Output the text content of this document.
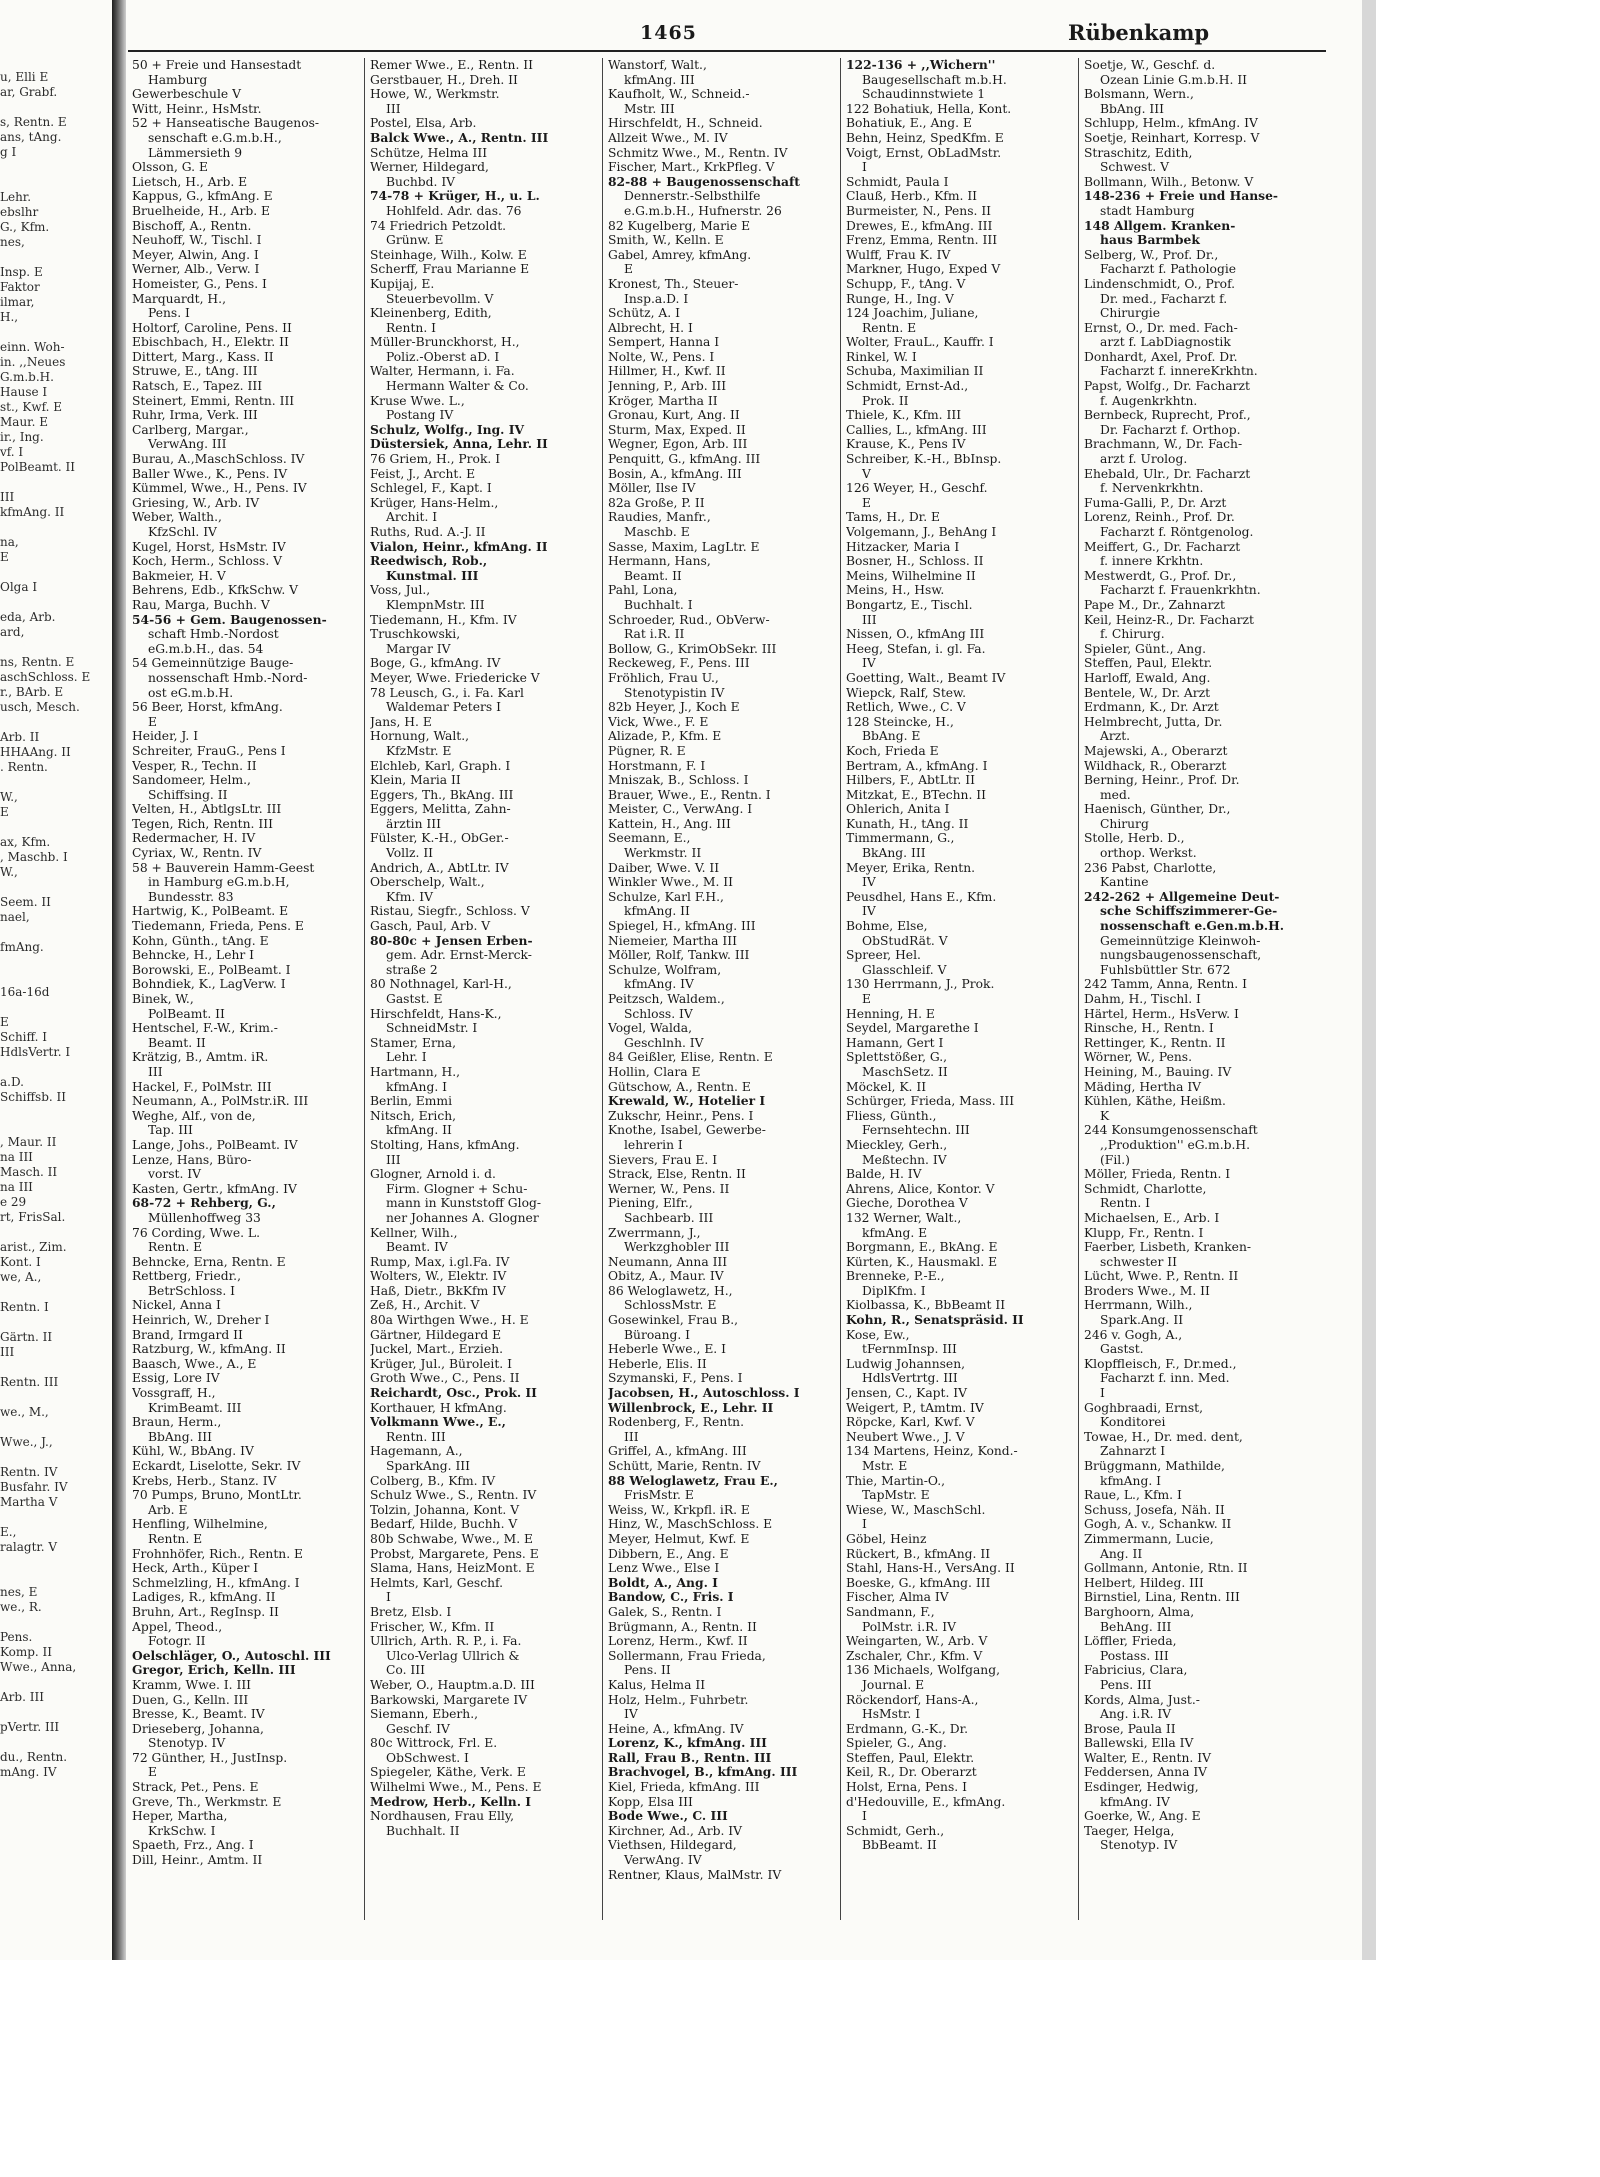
u, Elli E
ar, Grabf.

s, Rentn. E
ans, tAng.
g I

Lehr.
ebslhr
G., Kfm.
nes,

Insp. E
Faktor
ilmar,
H.,

einn. Woh-
in. ,,Neues
G.m.b.H.
Hause I
st., Kwf. E
Maur. E
ir., Ing.
vf. I
PolBeamt. II

III
kfmAng. II

na,
E

Olga I

eda, Arb.
ard,

ns, Rentn. E
aschSchloss. E
r., BArb. E
usch, Mesch.

Arb. II
HHAAng. II
. Rentn.

W.,
E

ax, Kfm.
, Maschb. I
W.,

Seem. II
nael,

fmAng.

16a-16d

E
Schiff. I
HdlsVertr. I

a.D.
Schiffsb. II

, Maur. II
na III
Masch. II
na III
e 29
rt, FrisSal.

arist., Zim.
Kont. I
we, A.,

Rentn. I

Gärtn. II
III

Rentn. III

we., M.,

Wwe., J.,

Rentn. IV
Busfahr. IV
Martha V

E.,
ralagtr. V

nes, E
we., R.

Pens.
Komp. II
Wwe., Anna,

Arb. III

pVertr. III

du., Rentn.
mAng. IV
1465	Rübenkamp
50 + Freie und Hansestadt
Hamburg
Gewerbeschule V
Witt, Heinr., HsMstr.
52 + Hanseatische Baugenos-
senschaft e.G.m.b.H.,
Lämmersieth 9
Olsson, G. E
Lietsch, H., Arb. E
Kappus, G., kfmAng. E
Bruelheide, H., Arb. E
Bischoff, A., Rentn.
Neuhoff, W., Tischl. I
Meyer, Alwin, Ang. I
Werner, Alb., Verw. I
Homeister, G., Pens. I
Marquardt, H.,
Pens. I
Holtorf, Caroline, Pens. II
Ebischbach, H., Elektr. II
Dittert, Marg., Kass. II
Struwe, E., tAng. III
Ratsch, E., Tapez. III
Steinert, Emmi, Rentn. III
Ruhr, Irma, Verk. III
Carlberg, Margar.,
VerwAng. III
Burau, A.,MaschSchloss. IV
Baller Wwe., K., Pens. IV
Kümmel, Wwe., H., Pens. IV
Griesing, W., Arb. IV
Weber, Walth.,
KfzSchl. IV
Kugel, Horst, HsMstr. IV
Koch, Herm., Schloss. V
Bakmeier, H. V
Behrens, Edb., KfkSchw. V
Rau, Marga, Buchh. V
54-56 + Gem. Baugenossen-
schaft Hmb.-Nordost
eG.m.b.H., das. 54
54 Gemeinnützige Bauge-
nossenschaft Hmb.-Nord-
ost eG.m.b.H.
56 Beer, Horst, kfmAng.
E
Heider, J. I
Schreiter, FrauG., Pens I
Vesper, R., Techn. II
Sandomeer, Helm.,
Schiffsing. II
Velten, H., AbtlgsLtr. III
Tegen, Rich, Rentn. III
Redermacher, H. IV
Cyriax, W., Rentn. IV
58 + Bauverein Hamm-Geest
in Hamburg eG.m.b.H,
Bundesstr. 83
Hartwig, K., PolBeamt. E
Tiedemann, Frieda, Pens. E
Kohn, Günth., tAng. E
Behncke, H., Lehr I
Borowski, E., PolBeamt. I
Bohndiek, K., LagVerw. I
Binek, W.,
PolBeamt. II
Hentschel, F.-W., Krim.-
Beamt. II
Krätzig, B., Amtm. iR.
III
Hackel, F., PolMstr. III
Neumann, A., PolMstr.iR. III
Weghe, Alf., von de,
Tap. III
Lange, Johs., PolBeamt. IV
Lenze, Hans, Büro-
vorst. IV
Kasten, Gertr., kfmAng. IV
68-72 + Rehberg, G.,
Müllenhoffweg 33
76 Cording, Wwe. L.
Rentn. E
Behncke, Erna, Rentn. E
Rettberg, Friedr.,
BetrSchloss. I
Nickel, Anna I
Heinrich, W., Dreher I
Brand, Irmgard II
Ratzburg, W., kfmAng. II
Baasch, Wwe., A., E
Essig, Lore IV
Vossgraff, H.,
KrimBeamt. III
Braun, Herm.,
BbAng. III
Kühl, W., BbAng. IV
Eckardt, Liselotte, Sekr. IV
Krebs, Herb., Stanz. IV
70 Pumps, Bruno, MontLtr.
Arb. E
Henfling, Wilhelmine,
Rentn. E
Frohnhöfer, Rich., Rentn. E
Heck, Arth., Küper I
Schmelzling, H., kfmAng. I
Ladiges, R., kfmAng. II
Bruhn, Art., RegInsp. II
Appel, Theod.,
Fotogr. II
Oelschläger, O., Autoschl. III
Gregor, Erich, Kelln. III
Kramm, Wwe. I. III
Duen, G., Kelln. III
Bresse, K., Beamt. IV
Drieseberg, Johanna,
Stenotyp. IV
72 Günther, H., JustInsp.
E
Strack, Pet., Pens. E
Greve, Th., Werkmstr. E
Heper, Martha,
KrkSchw. I
Spaeth, Frz., Ang. I
Dill, Heinr., Amtm. II
Remer Wwe., E., Rentn. II
Gerstbauer, H., Dreh. II
Howe, W., Werkmstr.
III
Postel, Elsa, Arb.
Balck Wwe., A., Rentn. III
Schütze, Helma III
Werner, Hildegard,
Buchbd. IV
74-78 + Krüger, H., u. L.
Hohlfeld. Adr. das. 76
74 Friedrich Petzoldt.
Grünw. E
Steinhage, Wilh., Kolw. E
Scherff, Frau Marianne E
Kupijaj, E.
Steuerbevollm. V
Kleinenberg, Edith,
Rentn. I
Müller-Brunckhorst, H.,
Poliz.-Oberst aD. I
Walter, Hermann, i. Fa.
Hermann Walter & Co.
Kruse Wwe. L.,
Postang IV
Schulz, Wolfg., Ing. IV
Düstersiek, Anna, Lehr. II
76 Griem, H., Prok. I
Feist, J., Archt. E
Schlegel, F., Kapt. I
Krüger, Hans-Helm.,
Archit. I
Ruths, Rud. A.-J. II
Vialon, Heinr., kfmAng. II
Reedwisch, Rob.,
Kunstmal. III
Voss, Jul.,
KlempnMstr. III
Tiedemann, H., Kfm. IV
Truschkowski,
Margar IV
Boge, G., kfmAng. IV
Meyer, Wwe. Friedericke V
78 Leusch, G., i. Fa. Karl
Waldemar Peters I
Jans, H. E
Hornung, Walt.,
KfzMstr. E
Elchleb, Karl, Graph. I
Klein, Maria II
Eggers, Th., BkAng. III
Eggers, Melitta, Zahn-
ärztin III
Fülster, K.-H., ObGer.-
Vollz. II
Andrich, A., AbtLtr. IV
Oberschelp, Walt.,
Kfm. IV
Ristau, Siegfr., Schloss. V
Gasch, Paul, Arb. V
80-80c + Jensen Erben-
gem. Adr. Ernst-Merck-
straße 2
80 Nothnagel, Karl-H.,
Gastst. E
Hirschfeldt, Hans-K.,
SchneidMstr. I
Stamer, Erna,
Lehr. I
Hartmann, H.,
kfmAng. I
Berlin, Emmi
Nitsch, Erich,
kfmAng. II
Stolting, Hans, kfmAng.
III
Glogner, Arnold i. d.
Firm. Glogner + Schu-
mann in Kunststoff Glog-
ner Johannes A. Glogner
Kellner, Wilh.,
Beamt. IV
Rump, Max, i.gl.Fa. IV
Wolters, W., Elektr. IV
Haß, Dietr., BkKfm IV
Zeß, H., Archit. V
80a Wirthgen Wwe., H. E
Gärtner, Hildegard E
Juckel, Mart., Erzieh.
Krüger, Jul., Büroleit. I
Groth Wwe., C., Pens. II
Reichardt, Osc., Prok. II
Korthauer, H kfmAng.
Volkmann Wwe., E.,
Rentn. III
Hagemann, A.,
SparkAng. III
Colberg, B., Kfm. IV
Schulz Wwe., S., Rentn. IV
Tolzin, Johanna, Kont. V
Bedarf, Hilde, Buchh. V
80b Schwabe, Wwe., M. E
Probst, Margarete, Pens. E
Slama, Hans, HeizMont. E
Helmts, Karl, Geschf.
I
Bretz, Elsb. I
Frischer, W., Kfm. II
Ullrich, Arth. R. P., i. Fa.
Ulco-Verlag Ullrich &
Co. III
Weber, O., Hauptm.a.D. III
Barkowski, Margarete IV
Siemann, Eberh.,
Geschf. IV
80c Wittrock, Frl. E.
ObSchwest. I
Spiegeler, Käthe, Verk. E
Wilhelmi Wwe., M., Pens. E
Medrow, Herb., Kelln. I
Nordhausen, Frau Elly,
Buchhalt. II
Wanstorf, Walt.,
kfmAng. III
Kaufholt, W., Schneid.-
Mstr. III
Hirschfeldt, H., Schneid.
Allzeit Wwe., M. IV
Schmitz Wwe., M., Rentn. IV
Fischer, Mart., KrkPfleg. V
82-88 + Baugenossenschaft
Dennerstr.-Selbsthilfe
e.G.m.b.H., Hufnerstr. 26
82 Kugelberg, Marie E
Smith, W., Kelln. E
Gabel, Amrey, kfmAng.
E
Kronest, Th., Steuer-
Insp.a.D. I
Schütz, A. I
Albrecht, H. I
Sempert, Hanna I
Nolte, W., Pens. I
Hillmer, H., Kwf. II
Jenning, P., Arb. III
Kröger, Martha II
Gronau, Kurt, Ang. II
Sturm, Max, Exped. II
Wegner, Egon, Arb. III
Penquitt, G., kfmAng. III
Bosin, A., kfmAng. III
Möller, Ilse IV
82a Große, P. II
Raudies, Manfr.,
Maschb. E
Sasse, Maxim, LagLtr. E
Hermann, Hans,
Beamt. II
Pahl, Lona,
Buchhalt. I
Schroeder, Rud., ObVerw-
Rat i.R. II
Bollow, G., KrimObSekr. III
Reckeweg, F., Pens. III
Fröhlich, Frau U.,
Stenotypistin IV
82b Heyer, J., Koch E
Vick, Wwe., F. E
Alizade, P., Kfm. E
Pügner, R. E
Horstmann, F. I
Mniszak, B., Schloss. I
Brauer, Wwe., E., Rentn. I
Meister, C., VerwAng. I
Kattein, H., Ang. III
Seemann, E.,
Werkmstr. II
Daiber, Wwe. V. II
Winkler Wwe., M. II
Schulze, Karl F.H.,
kfmAng. II
Spiegel, H., kfmAng. III
Niemeier, Martha III
Möller, Rolf, Tankw. III
Schulze, Wolfram,
kfmAng. IV
Peitzsch, Waldem.,
Schloss. IV
Vogel, Walda,
Geschlnh. IV
84 Geißler, Elise, Rentn. E
Hollin, Clara E
Gütschow, A., Rentn. E
Krewald, W., Hotelier I
Zukschr, Heinr., Pens. I
Knothe, Isabel, Gewerbe-
lehrerin I
Sievers, Frau E. I
Strack, Else, Rentn. II
Werner, W., Pens. II
Piening, Elfr.,
Sachbearb. III
Zwerrmann, J.,
Werkzghobler III
Neumann, Anna III
Obitz, A., Maur. IV
86 Weloglawetz, H.,
SchlossMstr. E
Gosewinkel, Frau B.,
Büroang. I
Heberle Wwe., E. I
Heberle, Elis. II
Szymanski, F., Pens. I
Jacobsen, H., Autoschloss. I
Willenbrock, E., Lehr. II
Rodenberg, F., Rentn.
III
Griffel, A., kfmAng. III
Schütt, Marie, Rentn. IV
88 Weloglawetz, Frau E.,
FrisMstr. E
Weiss, W., Krkpfl. iR. E
Hinz, W., MaschSchloss. E
Meyer, Helmut, Kwf. E
Dibbern, E., Ang. E
Lenz Wwe., Else I
Boldt, A., Ang. I
Bandow, C., Fris. I
Galek, S., Rentn. I
Brügmann, A., Rentn. II
Lorenz, Herm., Kwf. II
Sollermann, Frau Frieda,
Pens. II
Kalus, Helma II
Holz, Helm., Fuhrbetr.
IV
Heine, A., kfmAng. IV
Lorenz, K., kfmAng. III
Rall, Frau B., Rentn. III
Brachvogel, B., kfmAng. III
Kiel, Frieda, kfmAng. III
Kopp, Elsa III
Bode Wwe., C. III
Kirchner, Ad., Arb. IV
Viethsen, Hildegard,
VerwAng. IV
Rentner, Klaus, MalMstr. IV
122-136 + ,,Wichern''
Baugesellschaft m.b.H.
Schaudinnstwiete 1
122 Bohatiuk, Hella, Kont.
Bohatiuk, E., Ang. E
Behn, Heinz, SpedKfm. E
Voigt, Ernst, ObLadMstr.
I
Schmidt, Paula I
Clauß, Herb., Kfm. II
Burmeister, N., Pens. II
Drewes, E., kfmAng. III
Frenz, Emma, Rentn. III
Wulff, Frau K. IV
Markner, Hugo, Exped V
Schupp, F., tAng. V
Runge, H., Ing. V
124 Joachim, Juliane,
Rentn. E
Wolter, FrauL., Kauffr. I
Rinkel, W. I
Schuba, Maximilian II
Schmidt, Ernst-Ad.,
Prok. II
Thiele, K., Kfm. III
Callies, L., kfmAng. III
Krause, K., Pens IV
Schreiber, K.-H., BbInsp.
V
126 Weyer, H., Geschf.
E
Tams, H., Dr. E
Volgemann, J., BehAng I
Hitzacker, Maria I
Bosner, H., Schloss. II
Meins, Wilhelmine II
Meins, H., Hsw.
Bongartz, E., Tischl.
III
Nissen, O., kfmAng III
Heeg, Stefan, i. gl. Fa.
IV
Goetting, Walt., Beamt IV
Wiepck, Ralf, Stew.
Retlich, Wwe., C. V
128 Steincke, H.,
BbAng. E
Koch, Frieda E
Bertram, A., kfmAng. I
Hilbers, F., AbtLtr. II
Mitzkat, E., BTechn. II
Ohlerich, Anita I
Kunath, H., tAng. II
Timmermann, G.,
BkAng. III
Meyer, Erika, Rentn.
IV
Peusdhel, Hans E., Kfm.
IV
Bohme, Else,
ObStudRät. V
Spreer, Hel.
Glasschleif. V
130 Herrmann, J., Prok.
E
Henning, H. E
Seydel, Margarethe I
Hamann, Gert I
Splettstößer, G.,
MaschSetz. II
Möckel, K. II
Schürger, Frieda, Mass. III
Fliess, Günth.,
Fernsehtechn. III
Mieckley, Gerh.,
Meßtechn. IV
Balde, H. IV
Ahrens, Alice, Kontor. V
Gieche, Dorothea V
132 Werner, Walt.,
kfmAng. E
Borgmann, E., BkAng. E
Kürten, K., Hausmakl. E
Brenneke, P.-E.,
DiplKfm. I
Kiolbassa, K., BbBeamt II
Kohn, R., Senatspräsid. II
Kose, Ew.,
tFernmInsp. III
Ludwig Johannsen,
HdlsVertrtg. III
Jensen, C., Kapt. IV
Weigert, P., tAmtm. IV
Röpcke, Karl, Kwf. V
Neubert Wwe., J. V
134 Martens, Heinz, Kond.-
Mstr. E
Thie, Martin-O.,
TapMstr. E
Wiese, W., MaschSchl.
I
Göbel, Heinz
Rückert, B., kfmAng. II
Stahl, Hans-H., VersAng. II
Boeske, G., kfmAng. III
Fischer, Alma IV
Sandmann, F.,
PolMstr. i.R. IV
Weingarten, W., Arb. V
Zschaler, Chr., Kfm. V
136 Michaels, Wolfgang,
Journal. E
Röckendorf, Hans-A.,
HsMstr. I
Erdmann, G.-K., Dr.
Spieler, G., Ang.
Steffen, Paul, Elektr.
Keil, R., Dr. Oberarzt
Holst, Erna, Pens. I
d'Hedouville, E., kfmAng.
I
Schmidt, Gerh.,
BbBeamt. II
Soetje, W., Geschf. d.
Ozean Linie G.m.b.H. II
Bolsmann, Wern.,
BbAng. III
Schlupp, Helm., kfmAng. IV
Soetje, Reinhart, Korresp. V
Straschitz, Edith,
Schwest. V
Bollmann, Wilh., Betonw. V
148-236 + Freie und Hanse-
stadt Hamburg
148 Allgem. Kranken-
haus Barmbek
Selberg, W., Prof. Dr.,
Facharzt f. Pathologie
Lindenschmidt, O., Prof.
Dr. med., Facharzt f.
Chirurgie
Ernst, O., Dr. med. Fach-
arzt f. LabDiagnostik
Donhardt, Axel, Prof. Dr.
Facharzt f. innereKrkhtn.
Papst, Wolfg., Dr. Facharzt
f. Augenkrkhtn.
Bernbeck, Ruprecht, Prof.,
Dr. Facharzt f. Orthop.
Brachmann, W., Dr. Fach-
arzt f. Urolog.
Ehebald, Ulr., Dr. Facharzt
f. Nervenkrkhtn.
Fuma-Galli, P., Dr. Arzt
Lorenz, Reinh., Prof. Dr.
Facharzt f. Röntgenolog.
Meiffert, G., Dr. Facharzt
f. innere Krkhtn.
Mestwerdt, G., Prof. Dr.,
Facharzt f. Frauenkrkhtn.
Pape M., Dr., Zahnarzt
Keil, Heinz-R., Dr. Facharzt
f. Chirurg.
Spieler, Günt., Ang.
Steffen, Paul, Elektr.
Harloff, Ewald, Ang.
Bentele, W., Dr. Arzt
Erdmann, K., Dr. Arzt
Helmbrecht, Jutta, Dr.
Arzt.
Majewski, A., Oberarzt
Wildhack, R., Oberarzt
Berning, Heinr., Prof. Dr.
med.
Haenisch, Günther, Dr.,
Chirurg
Stolle, Herb. D.,
orthop. Werkst.
236 Pabst, Charlotte,
Kantine
242-262 + Allgemeine Deut-
sche Schiffszimmerer-Ge-
nossenschaft e.Gen.m.b.H.
Gemeinnützige Kleinwoh-
nungsbaugenossenschaft,
Fuhlsbüttler Str. 672
242 Tamm, Anna, Rentn. I
Dahm, H., Tischl. I
Härtel, Herm., HsVerw. I
Rinsche, H., Rentn. I
Rettinger, K., Rentn. II
Wörner, W., Pens.
Heining, M., Bauing. IV
Mäding, Hertha IV
Kühlen, Käthe, Heißm.
K
244 Konsumgenossenschaft
,,Produktion'' eG.m.b.H.
(Fil.)
Möller, Frieda, Rentn. I
Schmidt, Charlotte,
Rentn. I
Michaelsen, E., Arb. I
Klupp, Fr., Rentn. I
Faerber, Lisbeth, Kranken-
schwester II
Lücht, Wwe. P., Rentn. II
Broders Wwe., M. II
Herrmann, Wilh.,
Spark.Ang. II
246 v. Gogh, A.,
Gastst.
Klopffleisch, F., Dr.med.,
Facharzt f. inn. Med.
I
Goghbraadi, Ernst,
Konditorei
Towae, H., Dr. med. dent,
Zahnarzt I
Brüggmann, Mathilde,
kfmAng. I
Raue, L., Kfm. I
Schuss, Josefa, Näh. II
Gogh, A. v., Schankw. II
Zimmermann, Lucie,
Ang. II
Gollmann, Antonie, Rtn. II
Helbert, Hildeg. III
Birnstiel, Lina, Rentn. III
Barghoorn, Alma,
BehAng. III
Löffler, Frieda,
Postass. III
Fabricius, Clara,
Pens. III
Kords, Alma, Just.-
Ang. i.R. IV
Brose, Paula II
Ballewski, Ella IV
Walter, E., Rentn. IV
Feddersen, Anna IV
Esdinger, Hedwig,
kfmAng. IV
Goerke, W., Ang. E
Taeger, Helga,
Stenotyp. IV
